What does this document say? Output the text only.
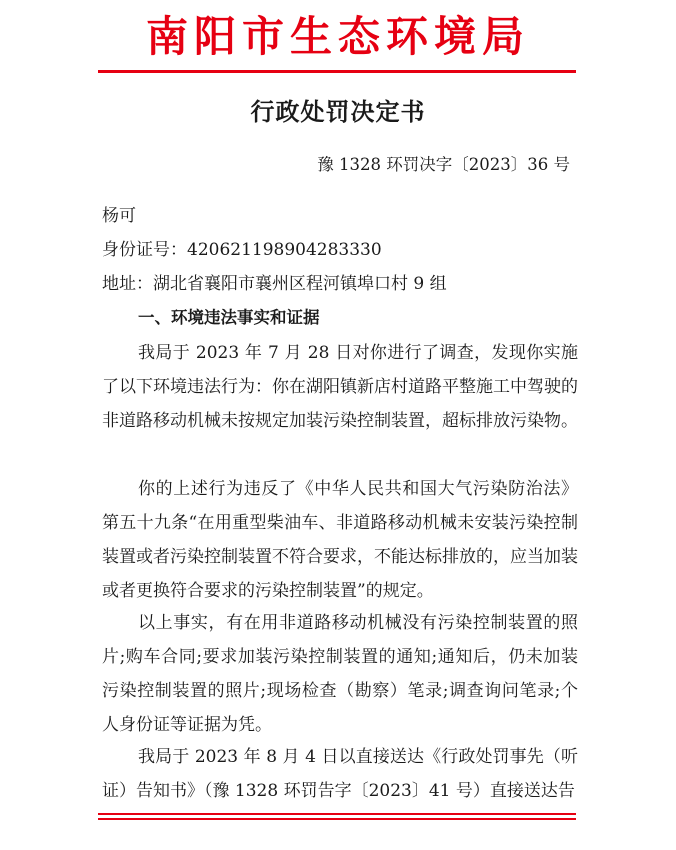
南阳市生态环境局
行政处罚决定书
豫 1328 环罚决字〔2023〕36 号
杨可
身份证号：420621198904283330
地址：湖北省襄阳市襄州区程河镇埠口村 9 组
一、环境违法事实和证据

我局于 2023 年 7 月 28 日对你进行了调查，发现你实施了以下环境违法行为：你在湖阳镇新店村道路平整施工中驾驶的非道路移动机械未按规定加装污染控制装置，超标排放污染物。

你的上述行为违反了《中华人民共和国大气污染防治法》第五十九条“在用重型柴油车、非道路移动机械未安装污染控制装置或者污染控制装置不符合要求，不能达标排放的，应当加装或者更换符合要求的污染控制装置”的规定。

以上事实，有在用非道路移动机械没有污染控制装置的照片;购车合同;要求加装污染控制装置的通知;通知后，仍未加装污染控制装置的照片;现场检查（勘察）笔录;调查询问笔录;个人身份证等证据为凭。

我局于 2023 年 8 月 4 日以直接送达《行政处罚事先（听证）告知书》（豫 1328 环罚告字〔2023〕41 号）直接送达告
